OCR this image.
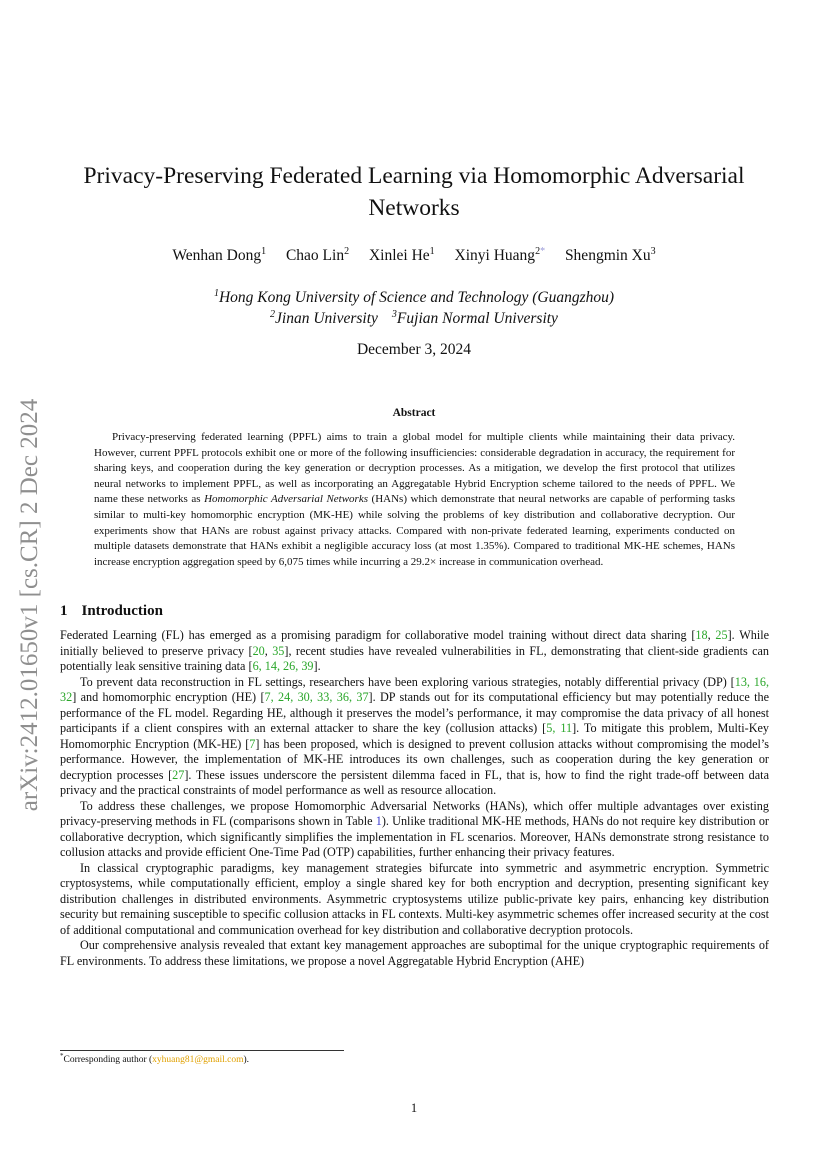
arXiv:2412.01650v1 [cs.CR] 2 Dec 2024
Privacy-Preserving Federated Learning via Homomorphic Adversarial Networks
Wenhan Dong$^1$ Chao Lin$^2$ Xinlei He$^1$ Xinyi Huang$^{2*}$ Shengmin Xu$^3$
$^1$Hong Kong University of Science and Technology (Guangzhou)
$^2$Jinan University $^3$Fujian Normal University
December 3, 2024
Abstract
Privacy-preserving federated learning (PPFL) aims to train a global model for multiple clients while maintaining their data privacy. However, current PPFL protocols exhibit one or more of the following insufficiencies: considerable degradation in accuracy, the requirement for sharing keys, and cooperation during the key generation or decryption processes. As a mitigation, we develop the first protocol that utilizes neural networks to implement PPFL, as well as incorporating an Aggregatable Hybrid Encryption scheme tailored to the needs of PPFL. We name these networks as Homomorphic Adversarial Networks (HANs) which demonstrate that neural networks are capable of performing tasks similar to multi-key homomorphic encryption (MK-HE) while solving the problems of key distribution and collaborative decryption. Our experiments show that HANs are robust against privacy attacks. Compared with non-private federated learning, experiments conducted on multiple datasets demonstrate that HANs exhibit a negligible accuracy loss (at most 1.35%). Compared to traditional MK-HE schemes, HANs increase encryption aggregation speed by 6,075 times while incurring a 29.2× increase in communication overhead.
1 Introduction

Federated Learning (FL) has emerged as a promising paradigm for collaborative model training without direct data sharing [18, 25]. While initially believed to preserve privacy [20, 35], recent studies have revealed vulnerabilities in FL, demonstrating that client-side gradients can potentially leak sensitive training data [6, 14, 26, 39].

To prevent data reconstruction in FL settings, researchers have been exploring various strategies, notably differential privacy (DP) [13, 16, 32] and homomorphic encryption (HE) [7, 24, 30, 33, 36, 37]. DP stands out for its computational efficiency but may potentially reduce the performance of the FL model. Regarding HE, although it preserves the model’s performance, it may compromise the data privacy of all honest participants if a client conspires with an external attacker to share the key (collusion attacks) [5, 11]. To mitigate this problem, Multi-Key Homomorphic Encryption (MK-HE) [7] has been proposed, which is designed to prevent collusion attacks without compromising the model’s performance. However, the implementation of MK-HE introduces its own challenges, such as cooperation during the key generation or decryption processes [27]. These issues underscore the persistent dilemma faced in FL, that is, how to find the right trade-off between data privacy and the practical constraints of model performance as well as resource allocation.

To address these challenges, we propose Homomorphic Adversarial Networks (HANs), which offer multiple advantages over existing privacy-preserving methods in FL (comparisons shown in Table 1). Unlike traditional MK-HE methods, HANs do not require key distribution or collaborative decryption, which significantly simplifies the implementation in FL scenarios. Moreover, HANs demonstrate strong resistance to collusion attacks and provide efficient One-Time Pad (OTP) capabilities, further enhancing their privacy features.

In classical cryptographic paradigms, key management strategies bifurcate into symmetric and asymmetric encryption. Symmetric cryptosystems, while computationally efficient, employ a single shared key for both encryption and decryption, presenting significant key distribution challenges in distributed environments. Asymmetric cryptosystems utilize public-private key pairs, enhancing key distribution security but remaining susceptible to specific collusion attacks in FL contexts. Multi-key asymmetric schemes offer increased security at the cost of additional computational and communication overhead for key distribution and collaborative decryption protocols.

Our comprehensive analysis revealed that extant key management approaches are suboptimal for the unique cryptographic requirements of FL environments. To address these limitations, we propose a novel Aggregatable Hybrid Encryption (AHE)

*Corresponding author (xyhuang81@gmail.com).
1
